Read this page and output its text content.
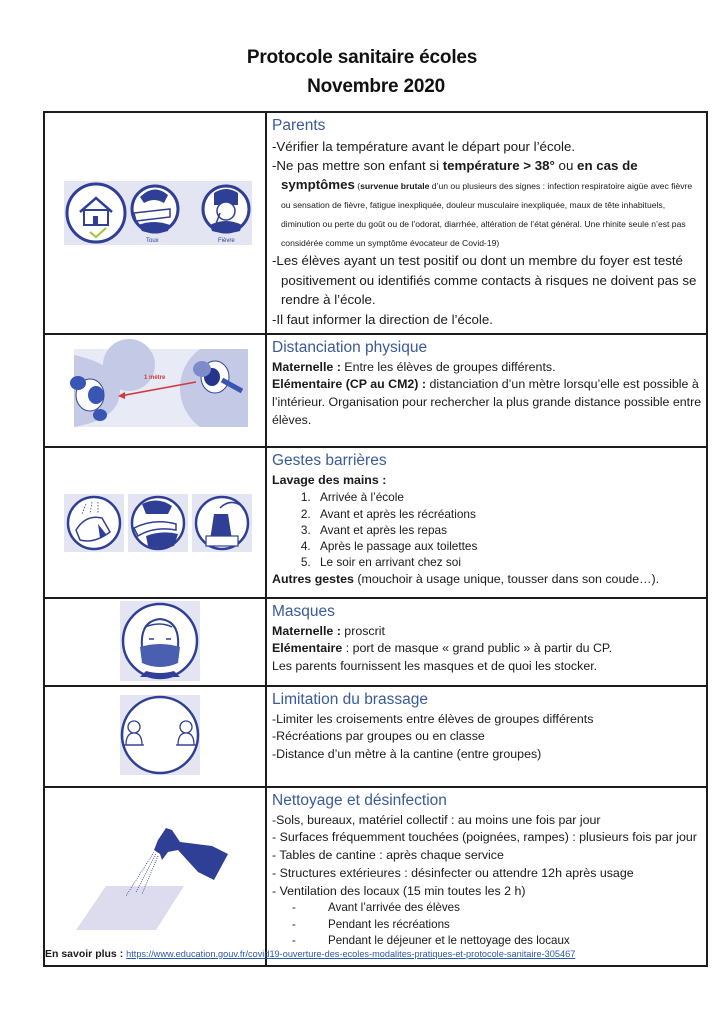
Protocole sanitaire écoles
Novembre 2020
Toux	Fièvre

Parents
-Vérifier la température avant le départ pour l’école.
-Ne pas mettre son enfant si température > 38° ou en cas de symptômes (survenue brutale d’un ou plusieurs des signes : infection respiratoire aigüe avec fièvre ou sensation de fièvre, fatigue inexpliquée, douleur musculaire inexpliquée, maux de tête inhabituels, diminution ou perte du goût ou de l’odorat, diarrhée, altération de l’état général. Une rhinite seule n’est pas considérée comme un symptôme évocateur de Covid-19)
-Les élèves ayant un test positif ou dont un membre du foyer est testé positivement ou identifiés comme contacts à risques ne doivent pas se rendre à l’école.
-Il faut informer la direction de l’école.

1 mètre	Distanciation physique
Maternelle : Entre les élèves de groupes différents.
Elémentaire (CP au CM2) : distanciation d’un mètre lorsqu’elle est possible à l’intérieur. Organisation pour rechercher la plus grande distance possible entre élèves.

Gestes barrières
Lavage des mains :
1. Arrivée à l’école
2. Avant et après les récréations
3. Avant et après les repas
4. Après le passage aux toilettes
5. Le soir en arrivant chez soi
Autres gestes (mouchoir à usage unique, tousser dans son coude…).

Masques
Maternelle : proscrit
Elémentaire : port de masque « grand public » à partir du CP.
Les parents fournissent les masques et de quoi les stocker.

Limitation du brassage
-Limiter les croisements entre élèves de groupes différents
-Récréations par groupes ou en classe
-Distance d’un mètre à la cantine (entre groupes)

Nettoyage et désinfection
-Sols, bureaux, matériel collectif : au moins une fois par jour
- Surfaces fréquemment touchées (poignées, rampes) : plusieurs fois par jour
- Tables de cantine : après chaque service
- Structures extérieures : désinfecter ou attendre 12h après usage
- Ventilation des locaux (15 min toutes les 2 h)
- Avant l’arrivée des élèves
- Pendant les récréations
- Pendant le déjeuner et le nettoyage des locaux
En savoir plus : https://www.education.gouv.fr/covid19-ouverture-des-ecoles-modalites-pratiques-et-protocole-sanitaire-305467
